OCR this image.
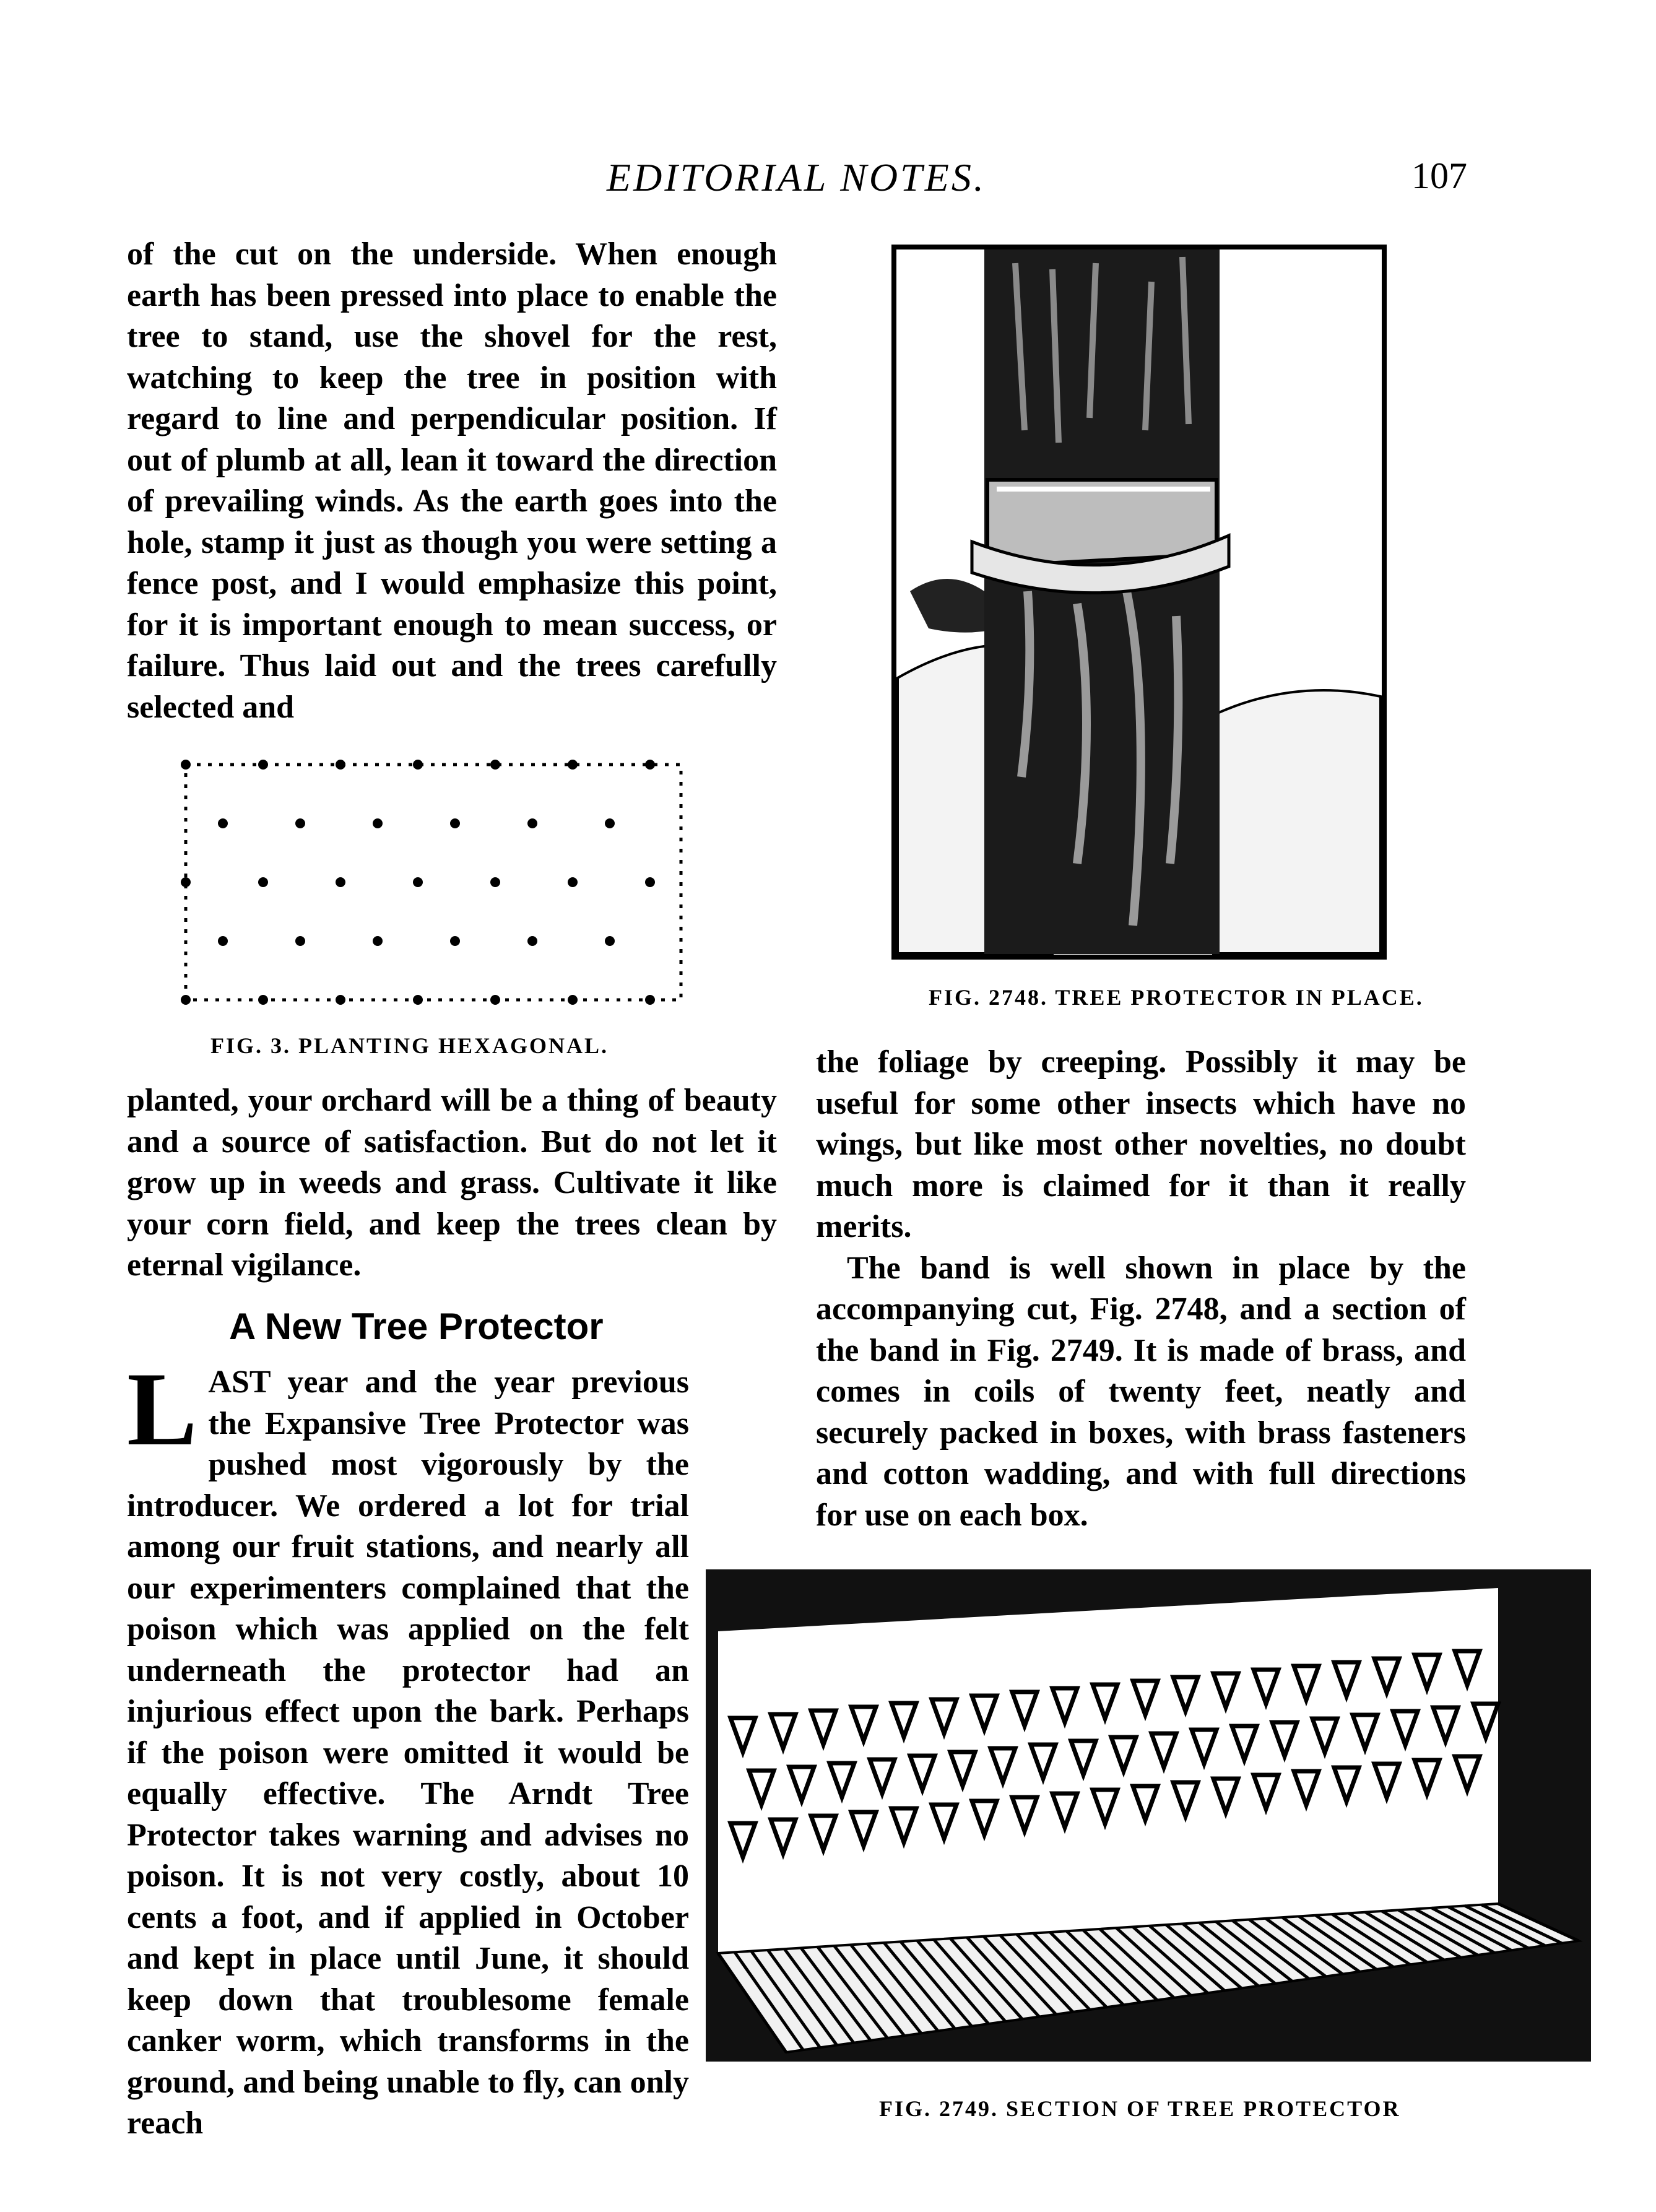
EDITORIAL NOTES.	107

of the cut on the underside. When enough earth has been pressed into place to enable the tree to stand, use the shovel for the rest, watching to keep the tree in position with regard to line and perpendicular position. If out of plumb at all, lean it toward the direction of prevailing winds. As the earth goes into the hole, stamp it just as though you were setting a fence post, and I would emphasize this point, for it is important enough to mean success, or failure. Thus laid out and the trees carefully selected and

FIG. 3. PLANTING HEXAGONAL.

planted, your orchard will be a thing of beauty and a source of satisfaction. But do not let it grow up in weeds and grass. Cultivate it like your corn field, and keep the trees clean by eternal vigilance.

A New Tree Protector

L AST year and the year previous the Expansive Tree Protector was pushed most vigorously by the introducer. We ordered a lot for trial among our fruit stations, and nearly all our experimenters complained that the poison which was applied on the felt underneath the protector had an injurious effect upon the bark. Perhaps if the poison were omitted it would be equally effective. The Arndt Tree Protector takes warning and advises no poison. It is not very costly, about 10 cents a foot, and if applied in October and kept in place until June, it should keep down that troublesome female canker worm, which transforms in the ground, and being unable to fly, can only reach

FIG. 2748. TREE PROTECTOR IN PLACE.

the foliage by creeping. Possibly it may be useful for some other insects which have no wings, but like most other novelties, no doubt much more is claimed for it than it really merits.

The band is well shown in place by the accompanying cut, Fig. 2748, and a section of the band in Fig. 2749. It is made of brass, and comes in coils of twenty feet, neatly and securely packed in boxes, with brass fasteners and cotton wadding, and with full directions for use on each box.

FIG. 2749. SECTION OF TREE PROTECTOR
